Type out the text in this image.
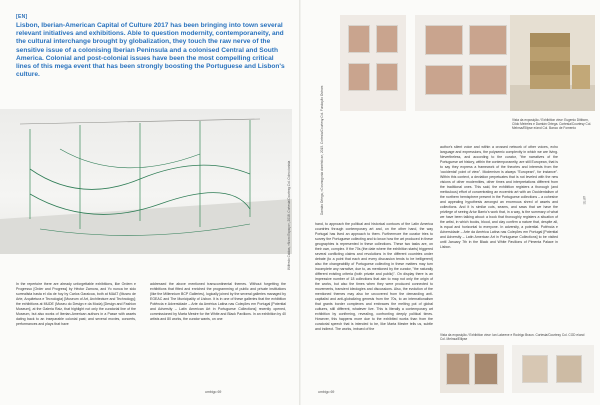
[EN]

Lisbon, Iberian-American Capital of Culture 2017 has been bringing into town several relevant initiatives and exhibitions. Able to question modernity, contemporaneity, and the cultural interchange brought by globalization, they touch the raw nerve of the sensitive issue of a colonising Iberian Peninsula and a colonised Central and South America. Colonial and post-colonial issues have been the most compelling critical lines of this mega event that has been strongly boosting the Portuguese and Lisbon's culture.

Wilfredo Caldas, «Novo Espaço», 2018. Cortesia/Courtesy Col. Coleccionista

In the repertoire there are already unforgettable exhibitions, like Ordem e Progresso [Order and Progress] by Héctor Zamora, and Yo nunca he sido surrealista hasta el día de hoy by Carlos Garaicoa, both at MAAT (Museu de Arte, Arquitetura e Tecnologia) [Museum of Art, Architecture and Technology]; the exhibitions at MUDE (Museu do Design e da Moda) [Design and Fashion Museum], at the Galeria Raiz, that highlight not only the curatorial line of the Museum, but also works of Iberian-American authors in a Passe with assets dating back to an inseparable colonial past; and several movies, concerts, performances and plays that have

addressed the above mentioned transcontinental themes. Without forgetting the exhibitions that fitted and enriched the programming of public and private institutions (like the Millennium BCP Galleries), logically joined by the several galleries managed by EGEAC and The Municipality of Lisbon. It is in one of these galleries that the exhibition Potência e Adversidade – Arte da América Latina nas Coleções em Portugal [Potential and Adversity – Latin American Art in Portuguese Collections] recently opened, commissioned by Marta Mestre for the White and Black Pavilions. In an exhibition by 40 artists and 80 works, the curator wants, on one

umbigo 69

Vista da exposição / Exhibition view: Eugenio Dittborn, Cildo Meireles e Damián Ortega. Cortesia/Courtesy Col. MeInsa/Ellipse e/and Col. Banco de Fomento

Damián Ortega, «Cosmogonia doméstica», 2015. Cortesia/Courtesy Col. Fundação Ostrom

hand, to approach the political and historical contours of the Latin America countries through contemporary art and, on the other hand, the way Portugal has lived an approach to them. Furthermore the curator tries to survey the Portuguese collecting and to know how the art produced in these geographies is represented in these collections. These two tasks are, on their own, complex. If the 70s (the date where the exhibition starts) triggered several conflicting claims and revolutions in the different countries under debate (to a point that each and every discussion tends to be belligerent) also the changeability of Portuguese collecting in these matters may turn incomplete any narrative, due to, as mentioned by the curator, "the naturally different existing criteria (both private and public)". On display there is an impressive number of 18 collections that aim to map not only the origin of the works, but also the times when they were produced connected to movements, transient ideologies and discussions. Also, the evolution of the mentioned themes may also be uncovered from the demanding anti-capitalist and anti-globalizing genesis from the 70s, to an internationalism that grants border complexes and embraces the melting pot of global cultures, still different, whatever live. This is literally a contemporary art exhibition by confirming, revealing, confronting deeply political times. However, this happens more due to the exhibited works than from the curatorial speech that is intended to be, like Marta Mestre tells us, subtle and indirect. The works, imbued of the

author's silent voice and within a crossed network of other voices, echo language and expressions, the polysemic complexity in which we are living. Nevertheless, and according to the curator, "the narratives of the Portuguese art history, within the contemporaneity, are still European, that is to say they express a framework of the theories and interests from the 'occidental' point of view". Modernism is always "European", for instance". Within this context, a deviation perpetuates that is not leveled with the new visions of other modernities, other times and interpretations different from the traditional ones. This said, the exhibition registers a thorough (and meticulous) effort of concentrating an eccentric art with an Occidentalism of the northern hemisphere present in the Portuguese collections – a cohesive and appealing hypothesis amongst an enormous shred of assets and collections. And it is similar cuts, seams, and saws that we have the privilege of seeing Artur Barrio's work that, in a way, is the summary of what we have been talking about: a book that thoroughly registers a situation of the artist, in which books, blood, and clay confirm a nature that, despite all, is equal and horizontal to everyone. In adversity, a potential. Potência e Adversidade – Arte da América Latina nas Coleções em Portugal [Potential and Adversity – Latin American Art in Portuguese Collections] to be visited until January 7th in the Black and White Pavilions of Pimenta Palace in Lisbon.

ARTE

Vista da exposição / Exhibition view: Ian Lakeeve e Rodrigo Braun. Cortesia/Courtesy Col. COD e/and Col. MeInsa/Ellipse

umbigo 69
